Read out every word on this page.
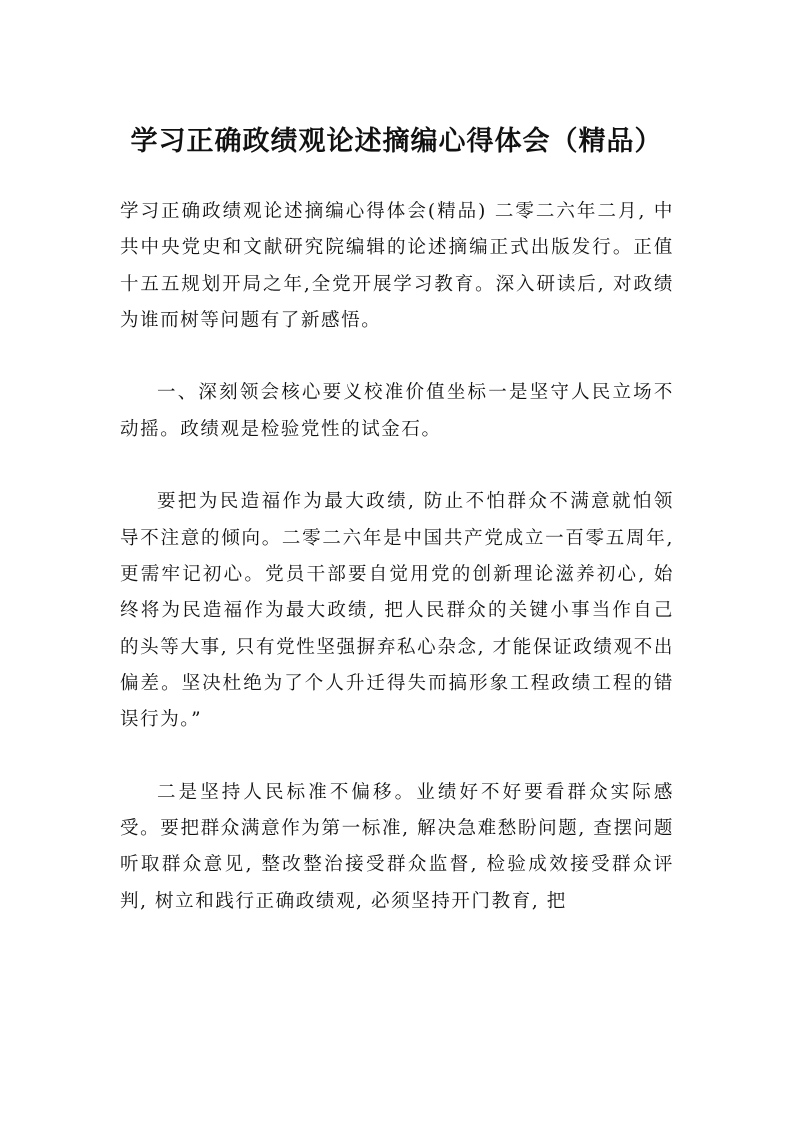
学习正确政绩观论述摘编心得体会（精品）

学习正确政绩观论述摘编心得体会(精品) 二零二六年二月, 中共中央党史和文献研究院编辑的论述摘编正式出版发行。正值十五五规划开局之年,全党开展学习教育。深入研读后, 对政绩为谁而树等问题有了新感悟。

一、深刻领会核心要义校准价值坐标一是坚守人民立场不动摇。政绩观是检验党性的试金石。

要把为民造福作为最大政绩, 防止不怕群众不满意就怕领导不注意的倾向。二零二六年是中国共产党成立一百零五周年, 更需牢记初心。党员干部要自觉用党的创新理论滋养初心, 始终将为民造福作为最大政绩, 把人民群众的关键小事当作自己的头等大事, 只有党性坚强摒弃私心杂念, 才能保证政绩观不出偏差。坚决杜绝为了个人升迁得失而搞形象工程政绩工程的错误行为。”

二是坚持人民标准不偏移。业绩好不好要看群众实际感受。要把群众满意作为第一标准, 解决急难愁盼问题, 查摆问题听取群众意见, 整改整治接受群众监督, 检验成效接受群众评判, 树立和践行正确政绩观, 必须坚持开门教育, 把
